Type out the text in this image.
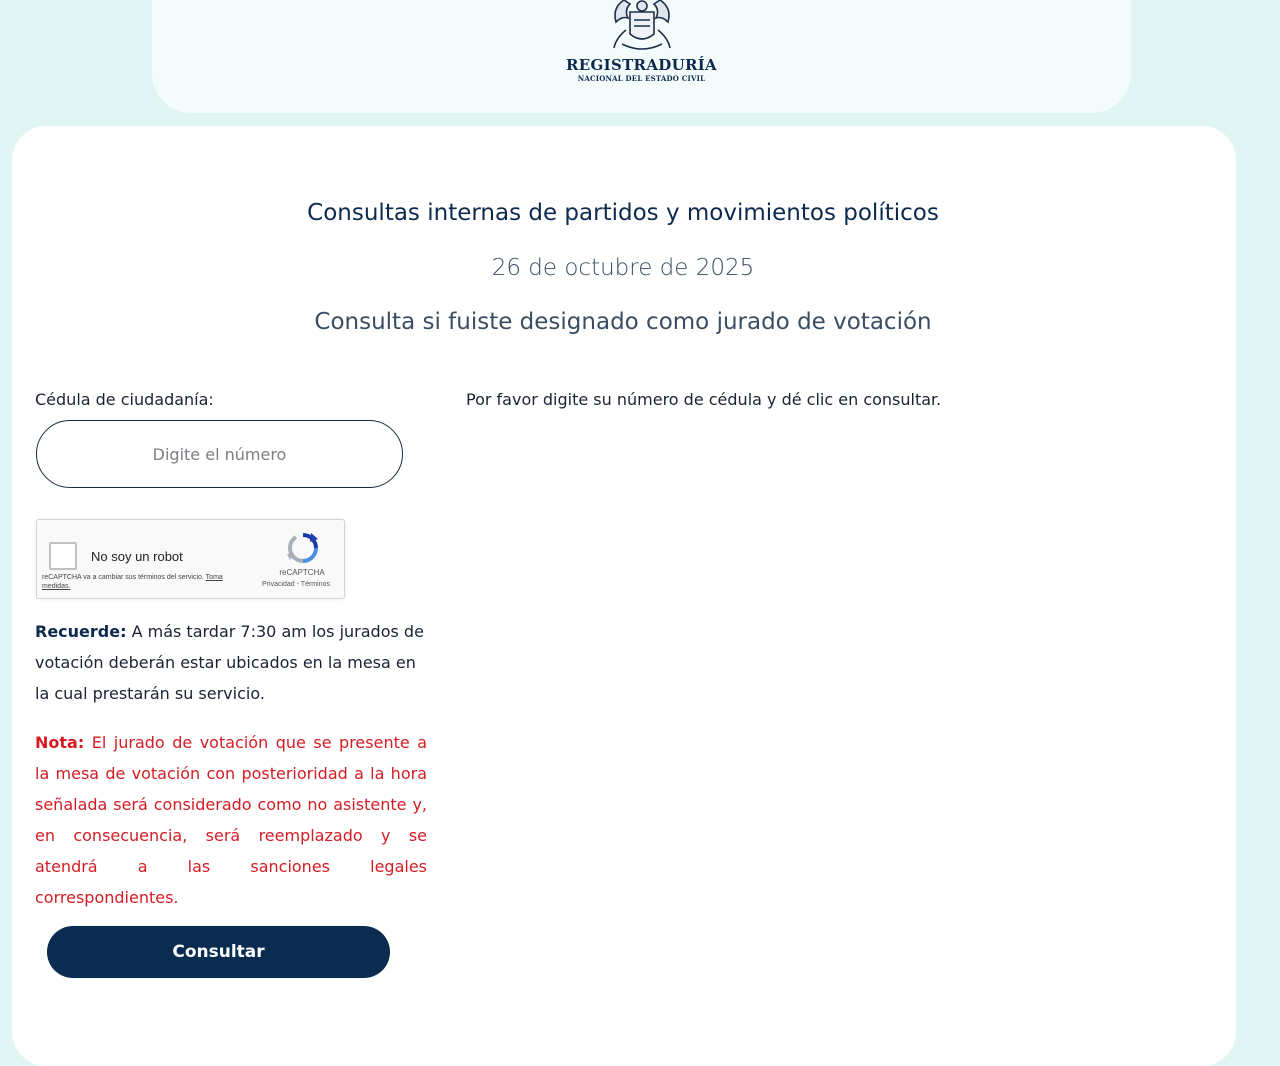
REGISTRADURÍA
NACIONAL DEL ESTADO CIVIL
Consultas internas de partidos y movimientos políticos
26 de octubre de 2025
Consulta si fuiste designado como jurado de votación
Cédula de ciudadanía:	Por favor digite su número de cédula y dé clic en consultar.
Digite el número
No soy un robot
reCAPTCHA va a cambiar sus términos del servicio. Toma medidas.
reCAPTCHA
Privacidad - Términos
Recuerde: A más tardar 7:30 am los jurados de votación deberán estar ubicados en la mesa en la cual prestarán su servicio.
Nota: El jurado de votación que se presente a la mesa de votación con posterioridad a la hora señalada será considerado como no asistente y, en consecuencia, será reemplazado y se atendrá a las sanciones legales correspondientes.
Consultar
